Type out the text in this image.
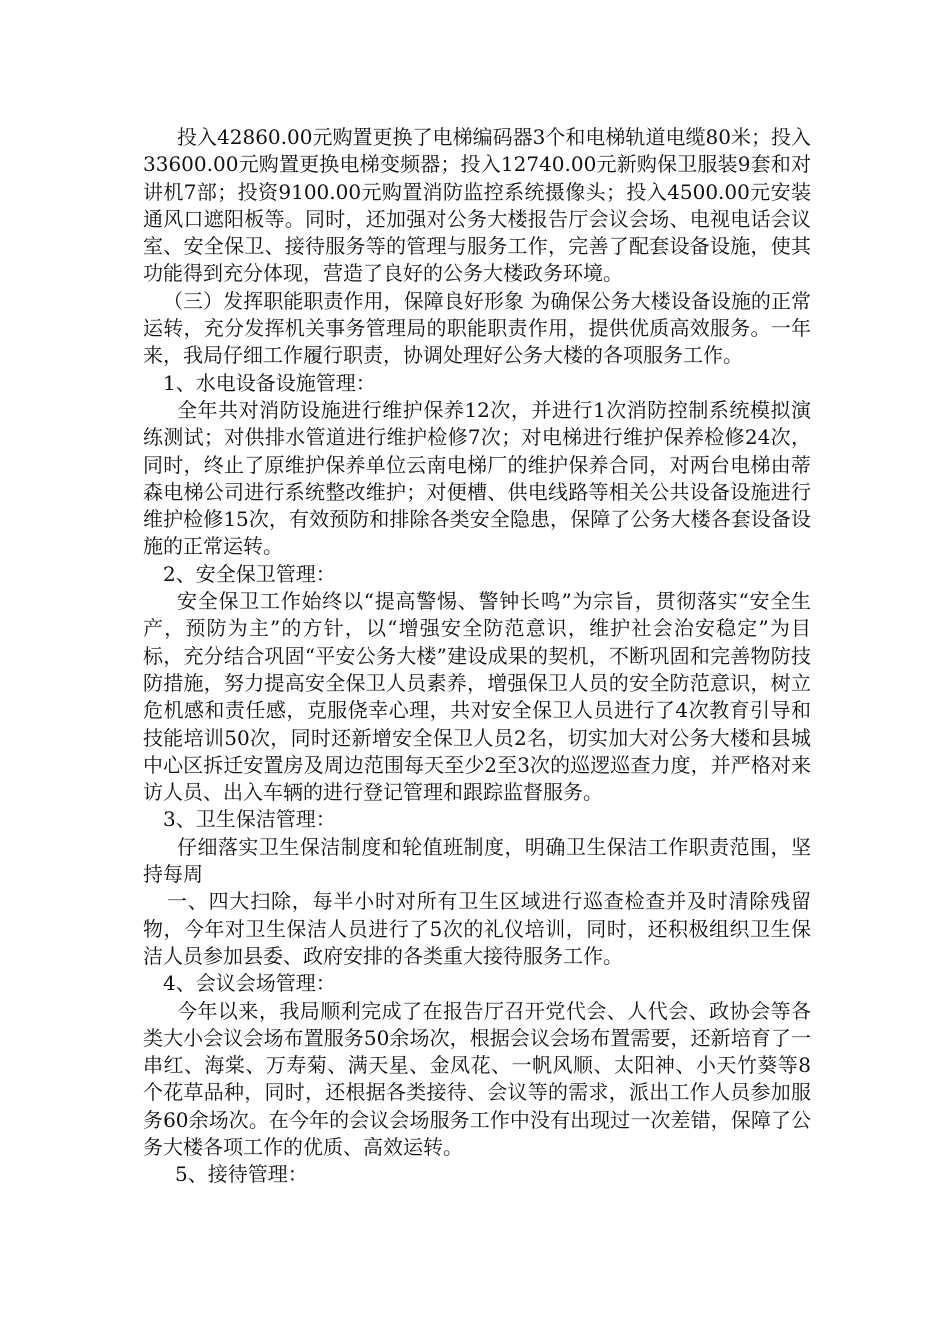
投入42860.00元购置更换了电梯编码器3个和电梯轨道电缆80米；投入33600.00元购置更换电梯变频器；投入12740.00元新购保卫服装9套和对讲机7部；投资9100.00元购置消防监控系统摄像头；投入4500.00元安装通风口遮阳板等。同时，还加强对公务大楼报告厅会议会场、电视电话会议室、安全保卫、接待服务等的管理与服务工作，完善了配套设备设施，使其功能得到充分体现，营造了良好的公务大楼政务环境。

（三）发挥职能职责作用，保障良好形象 为确保公务大楼设备设施的正常运转，充分发挥机关事务管理局的职能职责作用，提供优质高效服务。一年来，我局仔细工作履行职责，协调处理好公务大楼的各项服务工作。

1、水电设备设施管理：

全年共对消防设施进行维护保养12次，并进行1次消防控制系统模拟演练测试；对供排水管道进行维护检修7次；对电梯进行维护保养检修24次，同时，终止了原维护保养单位云南电梯厂的维护保养合同，对两台电梯由蒂森电梯公司进行系统整改维护；对便槽、供电线路等相关公共设备设施进行维护检修15次，有效预防和排除各类安全隐患，保障了公务大楼各套设备设施的正常运转。

2、安全保卫管理：

安全保卫工作始终以“提高警惕、警钟长鸣”为宗旨，贯彻落实“安全生产，预防为主”的方针，以“增强安全防范意识，维护社会治安稳定”为目标，充分结合巩固“平安公务大楼”建设成果的契机，不断巩固和完善物防技防措施，努力提高安全保卫人员素养，增强保卫人员的安全防范意识，树立危机感和责任感，克服侥幸心理，共对安全保卫人员进行了4次教育引导和技能培训50次，同时还新增安全保卫人员2名，切实加大对公务大楼和县城中心区拆迁安置房及周边范围每天至少2至3次的巡逻巡查力度，并严格对来访人员、出入车辆的进行登记管理和跟踪监督服务。

3、卫生保洁管理：

仔细落实卫生保洁制度和轮值班制度，明确卫生保洁工作职责范围，坚持每周

一、四大扫除，每半小时对所有卫生区域进行巡查检查并及时清除残留物，今年对卫生保洁人员进行了5次的礼仪培训，同时，还积极组织卫生保洁人员参加县委、政府安排的各类重大接待服务工作。

4、会议会场管理：

今年以来，我局顺利完成了在报告厅召开党代会、人代会、政协会等各类大小会议会场布置服务50余场次，根据会议会场布置需要，还新培育了一串红、海棠、万寿菊、满天星、金凤花、一帆风顺、太阳神、小天竹葵等8个花草品种，同时，还根据各类接待、会议等的需求，派出工作人员参加服务60余场次。在今年的会议会场服务工作中没有出现过一次差错，保障了公务大楼各项工作的优质、高效运转。

5、接待管理：
